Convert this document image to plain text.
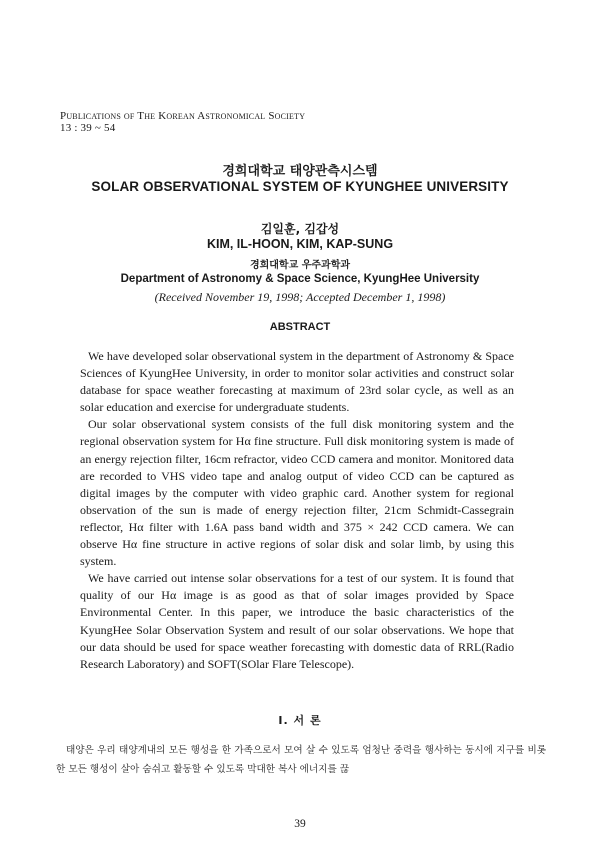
Publications of The Korean Astronomical Society
13 : 39 ~ 54
경희대학교 태양관측시스템
SOLAR OBSERVATIONAL SYSTEM OF KYUNGHEE UNIVERSITY
김일훈, 김갑성
KIM, IL-HOON, KIM, KAP-SUNG
경희대학교 우주과학과
Department of Astronomy & Space Science, KyungHee University
(Received November 19, 1998; Accepted December 1, 1998)
ABSTRACT

We have developed solar observational system in the department of Astronomy & Space Sciences of KyungHee University, in order to monitor solar activities and construct solar database for space weather forecasting at maximum of 23rd solar cycle, as well as an solar education and exercise for undergraduate students.

Our solar observational system consists of the full disk monitoring system and the regional observation system for Hα fine structure. Full disk monitoring system is made of an energy rejection filter, 16cm refractor, video CCD camera and monitor. Monitored data are recorded to VHS video tape and analog output of video CCD can be captured as digital images by the computer with video graphic card. Another system for regional observation of the sun is made of energy rejection filter, 21cm Schmidt-Cassegrain reflector, Hα filter with 1.6A pass band width and 375 × 242 CCD camera. We can observe Hα fine structure in active regions of solar disk and solar limb, by using this system.

We have carried out intense solar observations for a test of our system. It is found that quality of our Hα image is as good as that of solar images provided by Space Environmental Center. In this paper, we introduce the basic characteristics of the KyungHee Solar Observation System and result of our solar observations. We hope that our data should be used for space weather forecasting with domestic data of RRL(Radio Research Laboratory) and SOFT(SOlar Flare Telescope).

I. 서 론
태양은 우리 태양계내의 모든 행성을 한 가족으로서 모여 살 수 있도록 엄청난 중력을 행사하는 동시에 지구를 비롯한 모든 행성이 살아 숨쉬고 활동할 수 있도록 막대한 복사 에너지를 끊
39
